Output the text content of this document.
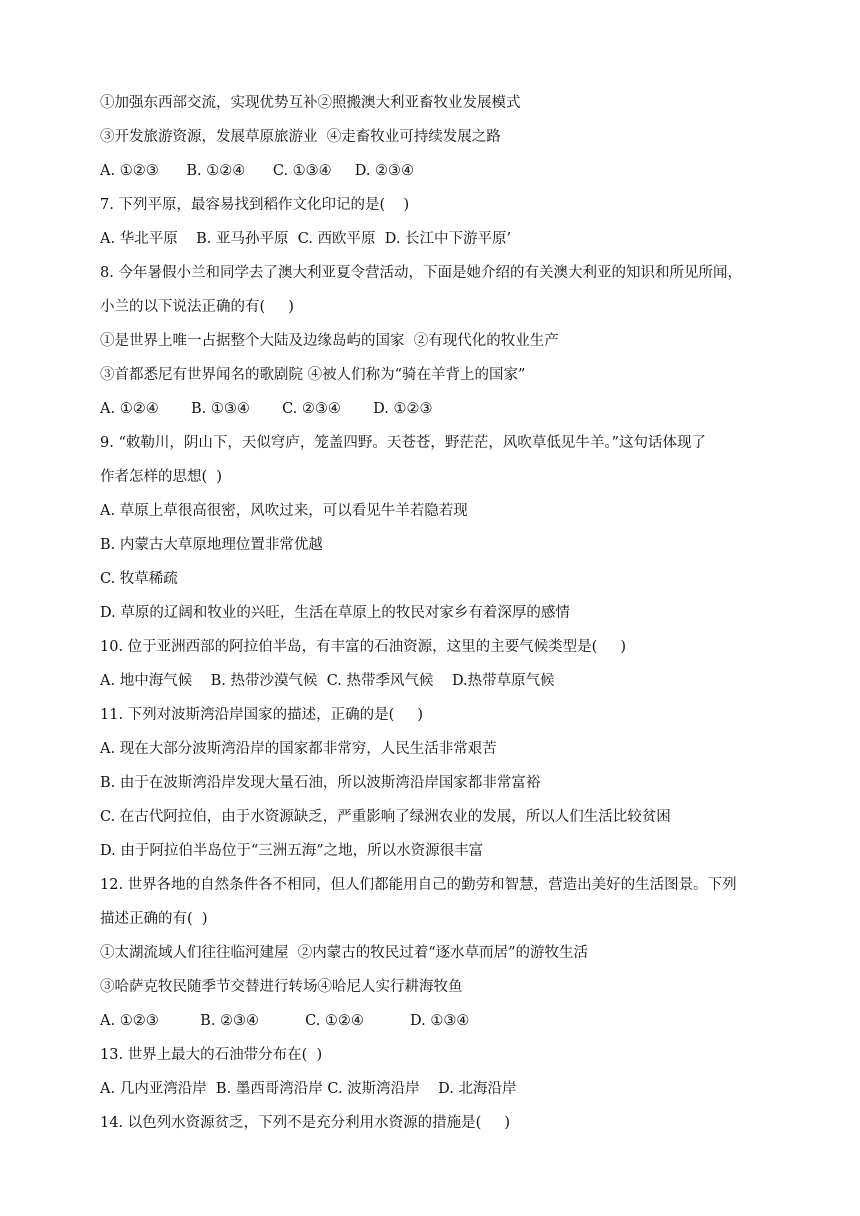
①加强东西部交流，实现优势互补②照搬澳大利亚畜牧业发展模式
③开发旅游资源，发展草原旅游业  ④走畜牧业可持续发展之路
A. ①②③      B. ①②④      C. ①③④     D. ②③④
7. 下列平原，最容易找到稻作文化印记的是(    )
A. 华北平原    B. 亚马孙平原  C. 西欧平原  D. 长江中下游平原’
8. 今年暑假小兰和同学去了澳大利亚夏令营活动，下面是她介绍的有关澳大利亚的知识和所见所闻，
小兰的以下说法正确的有(     )
①是世界上唯一占据整个大陆及边缘岛屿的国家  ②有现代化的牧业生产
③首都悉尼有世界闻名的歌剧院 ④被人们称为“骑在羊背上的国家”
A. ①②④       B. ①③④       C. ②③④       D. ①②③
9. “敕勒川，阴山下，天似穹庐，笼盖四野。天苍苍，野茫茫，风吹草低见牛羊。”这句话体现了
作者怎样的思想(  )
A. 草原上草很高很密，风吹过来，可以看见牛羊若隐若现
B. 内蒙古大草原地理位置非常优越
C. 牧草稀疏
D. 草原的辽阔和牧业的兴旺，生活在草原上的牧民对家乡有着深厚的感情
10. 位于亚洲西部的阿拉伯半岛，有丰富的石油资源，这里的主要气候类型是(     )
A. 地中海气候    B. 热带沙漠气候  C. 热带季风气候    D.热带草原气候
11. 下列对波斯湾沿岸国家的描述，正确的是(     )
A. 现在大部分波斯湾沿岸的国家都非常穷，人民生活非常艰苦
B. 由于在波斯湾沿岸发现大量石油，所以波斯湾沿岸国家都非常富裕
C. 在古代阿拉伯，由于水资源缺乏，严重影响了绿洲农业的发展，所以人们生活比较贫困
D. 由于阿拉伯半岛位于“三洲五海”之地，所以水资源很丰富
12. 世界各地的自然条件各不相同，但人们都能用自己的勤劳和智慧，营造出美好的生活图景。下列
描述正确的有(  )
①太湖流域人们往往临河建屋  ②内蒙古的牧民过着“逐水草而居”的游牧生活
③哈萨克牧民随季节交替进行转场④哈尼人实行耕海牧鱼
A. ①②③         B. ②③④          C. ①②④          D. ①③④
13. 世界上最大的石油带分布在(  )
A. 几内亚湾沿岸  B. 墨西哥湾沿岸 C. 波斯湾沿岸    D. 北海沿岸
14. 以色列水资源贫乏，下列不是充分利用水资源的措施是(     )
